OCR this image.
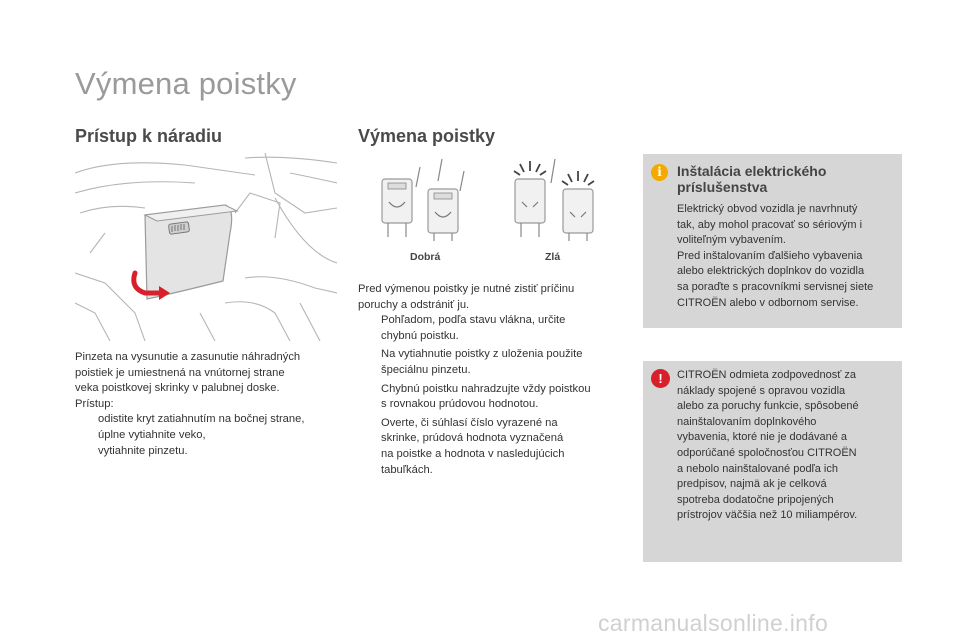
Výmena poistky
Prístup k náradiu
Pinzeta na vysunutie a zasunutie náhradných
poistiek je umiestnená na vnútornej strane
veka poistkovej skrinky v palubnej doske.
Prístup:
odistite kryt zatiahnutím na bočnej strane,
úplne vytiahnite veko,
vytiahnite pinzetu.
Výmena poistky
Dobrá	Zlá
Pred výmenou poistky je nutné zistiť príčinu
poruchy a odstrániť ju.
Pohľadom, podľa stavu vlákna, určite
chybnú poistku.
Na vytiahnutie poistky z uloženia použite
špeciálnu pinzetu.
Chybnú poistku nahradzujte vždy poistkou
s rovnakou prúdovou hodnotou.
Overte, či súhlasí číslo vyrazené na
skrinke, prúdová hodnota vyznačená
na poistke a hodnota v nasledujúcich
tabuľkách.
i	Inštalácia elektrického
príslušenstva
Elektrický obvod vozidla je navrhnutý
tak, aby mohol pracovať so sériovým i
voliteľným vybavením.
Pred inštalovaním ďalšieho vybavenia
alebo elektrických doplnkov do vozidla
sa poraďte s pracovníkmi servisnej siete
CITROËN alebo v odbornom servise.
!	CITROËN odmieta zodpovednosť za
náklady spojené s opravou vozidla
alebo za poruchy funkcie, spôsobené
nainštalovaním doplnkového
vybavenia, ktoré nie je dodávané a
odporúčané spoločnosťou CITROËN
a nebolo nainštalované podľa ich
predpisov, najmä ak je celková
spotreba dodatočne pripojených
prístrojov väčšia než 10 miliampérov.
carmanualsonline.info
